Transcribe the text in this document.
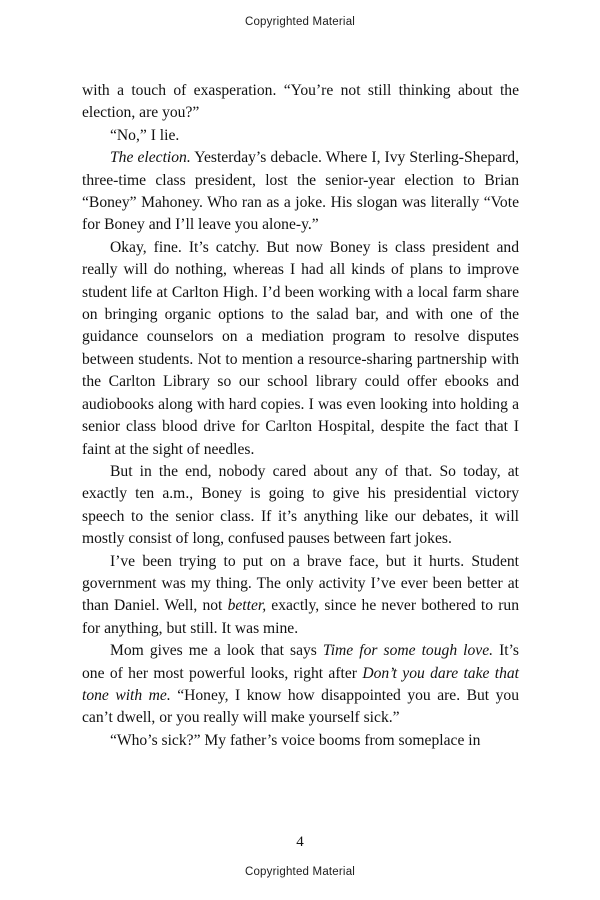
Copyrighted Material

with a touch of exasperation. “You’re not still thinking about the election, are you?”

“No,” I lie.

The election. Yesterday’s debacle. Where I, Ivy Sterling-Shepard, three-time class president, lost the senior-year election to Brian “Boney” Mahoney. Who ran as a joke. His slogan was literally “Vote for Boney and I’ll leave you alone-y.”

Okay, fine. It’s catchy. But now Boney is class president and really will do nothing, whereas I had all kinds of plans to improve student life at Carlton High. I’d been working with a local farm share on bringing organic options to the salad bar, and with one of the guidance counselors on a mediation program to resolve disputes between students. Not to mention a resource-sharing partnership with the Carlton Library so our school library could offer ebooks and audiobooks along with hard copies. I was even looking into holding a senior class blood drive for Carlton Hospital, despite the fact that I faint at the sight of needles.

But in the end, nobody cared about any of that. So today, at exactly ten a.m., Boney is going to give his presidential victory speech to the senior class. If it’s anything like our debates, it will mostly consist of long, confused pauses between fart jokes.

I’ve been trying to put on a brave face, but it hurts. Student government was my thing. The only activity I’ve ever been better at than Daniel. Well, not better, exactly, since he never bothered to run for anything, but still. It was mine.

Mom gives me a look that says Time for some tough love. It’s one of her most powerful looks, right after Don’t you dare take that tone with me. “Honey, I know how disappointed you are. But you can’t dwell, or you really will make yourself sick.”

“Who’s sick?” My father’s voice booms from someplace in

4
Copyrighted Material
